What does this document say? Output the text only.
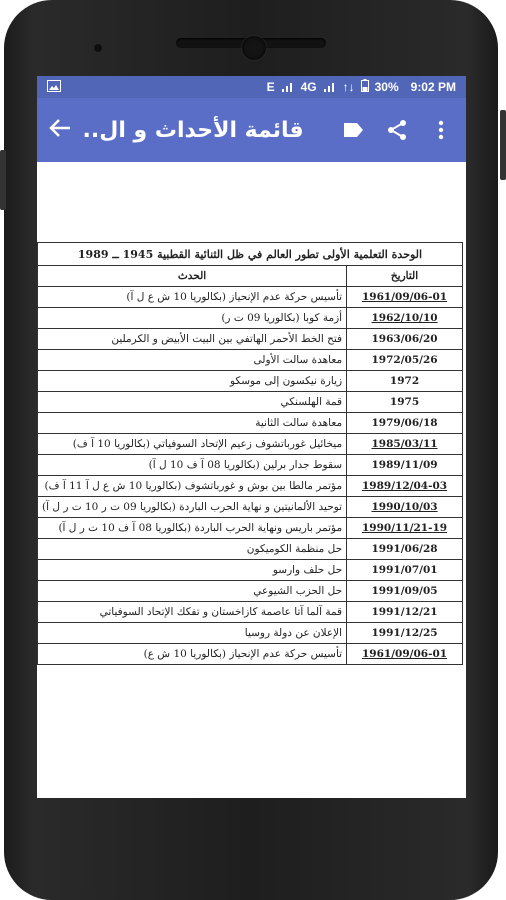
E 4G ↑↓ 30% 9:02 PM
قائمة الأحداث و ال..
الوحدة التعلمية الأولى تطور العالم في ظل الثنائية القطبية 1945 ــ 1989	
التاريخ	الحدث
1961/09/06-01	تأسيس حركة عدم الإنحياز (بكالوريا 10 ش ع ل آ)
1962/10/10	أزمة كوبا (بكالوريا 09 ت ر)
1963/06/20	فتح الخط الأحمر الهاتفي بين البيت الأبيض و الكرملين
1972/05/26	معاهدة سالت الأولى
1972	زيارة نيكسون إلى موسكو
1975	قمة الهلسنكي
1979/06/18	معاهدة سالت الثانية
1985/03/11	ميخائيل غورباتشوف زعيم الإتحاد السوفياتي (بكالوريا 10 آ ف)
1989/11/09	سقوط جدار برلين (بكالوريا 08 آ ف 10 ل آ)
1989/12/04-03	مؤتمر مالطا بين بوش و غورباتشوف (بكالوريا 10 ش ع ل آ 11 آ ف)
1990/10/03	توحيد الألمانيتين و نهاية الحرب الباردة (بكالوريا 09 ت ر 10 ت ر ل آ)
1990/11/21-19	مؤتمر باريس ونهاية الحرب الباردة (بكالوريا 08 آ ف 10 ت ر ل آ)
1991/06/28	حل منظمة الكوميكون
1991/07/01	حل حلف وارسو
1991/09/05	حل الحزب الشيوعي
1991/12/21	قمة آلما آتا عاصمة كازاخستان و تفكك الإتحاد السوفياتي
1991/12/25	الإعلان عن دولة روسيا
1961/09/06-01	تأسيس حركة عدم الإنحياز (بكالوريا 10 ش ع)
